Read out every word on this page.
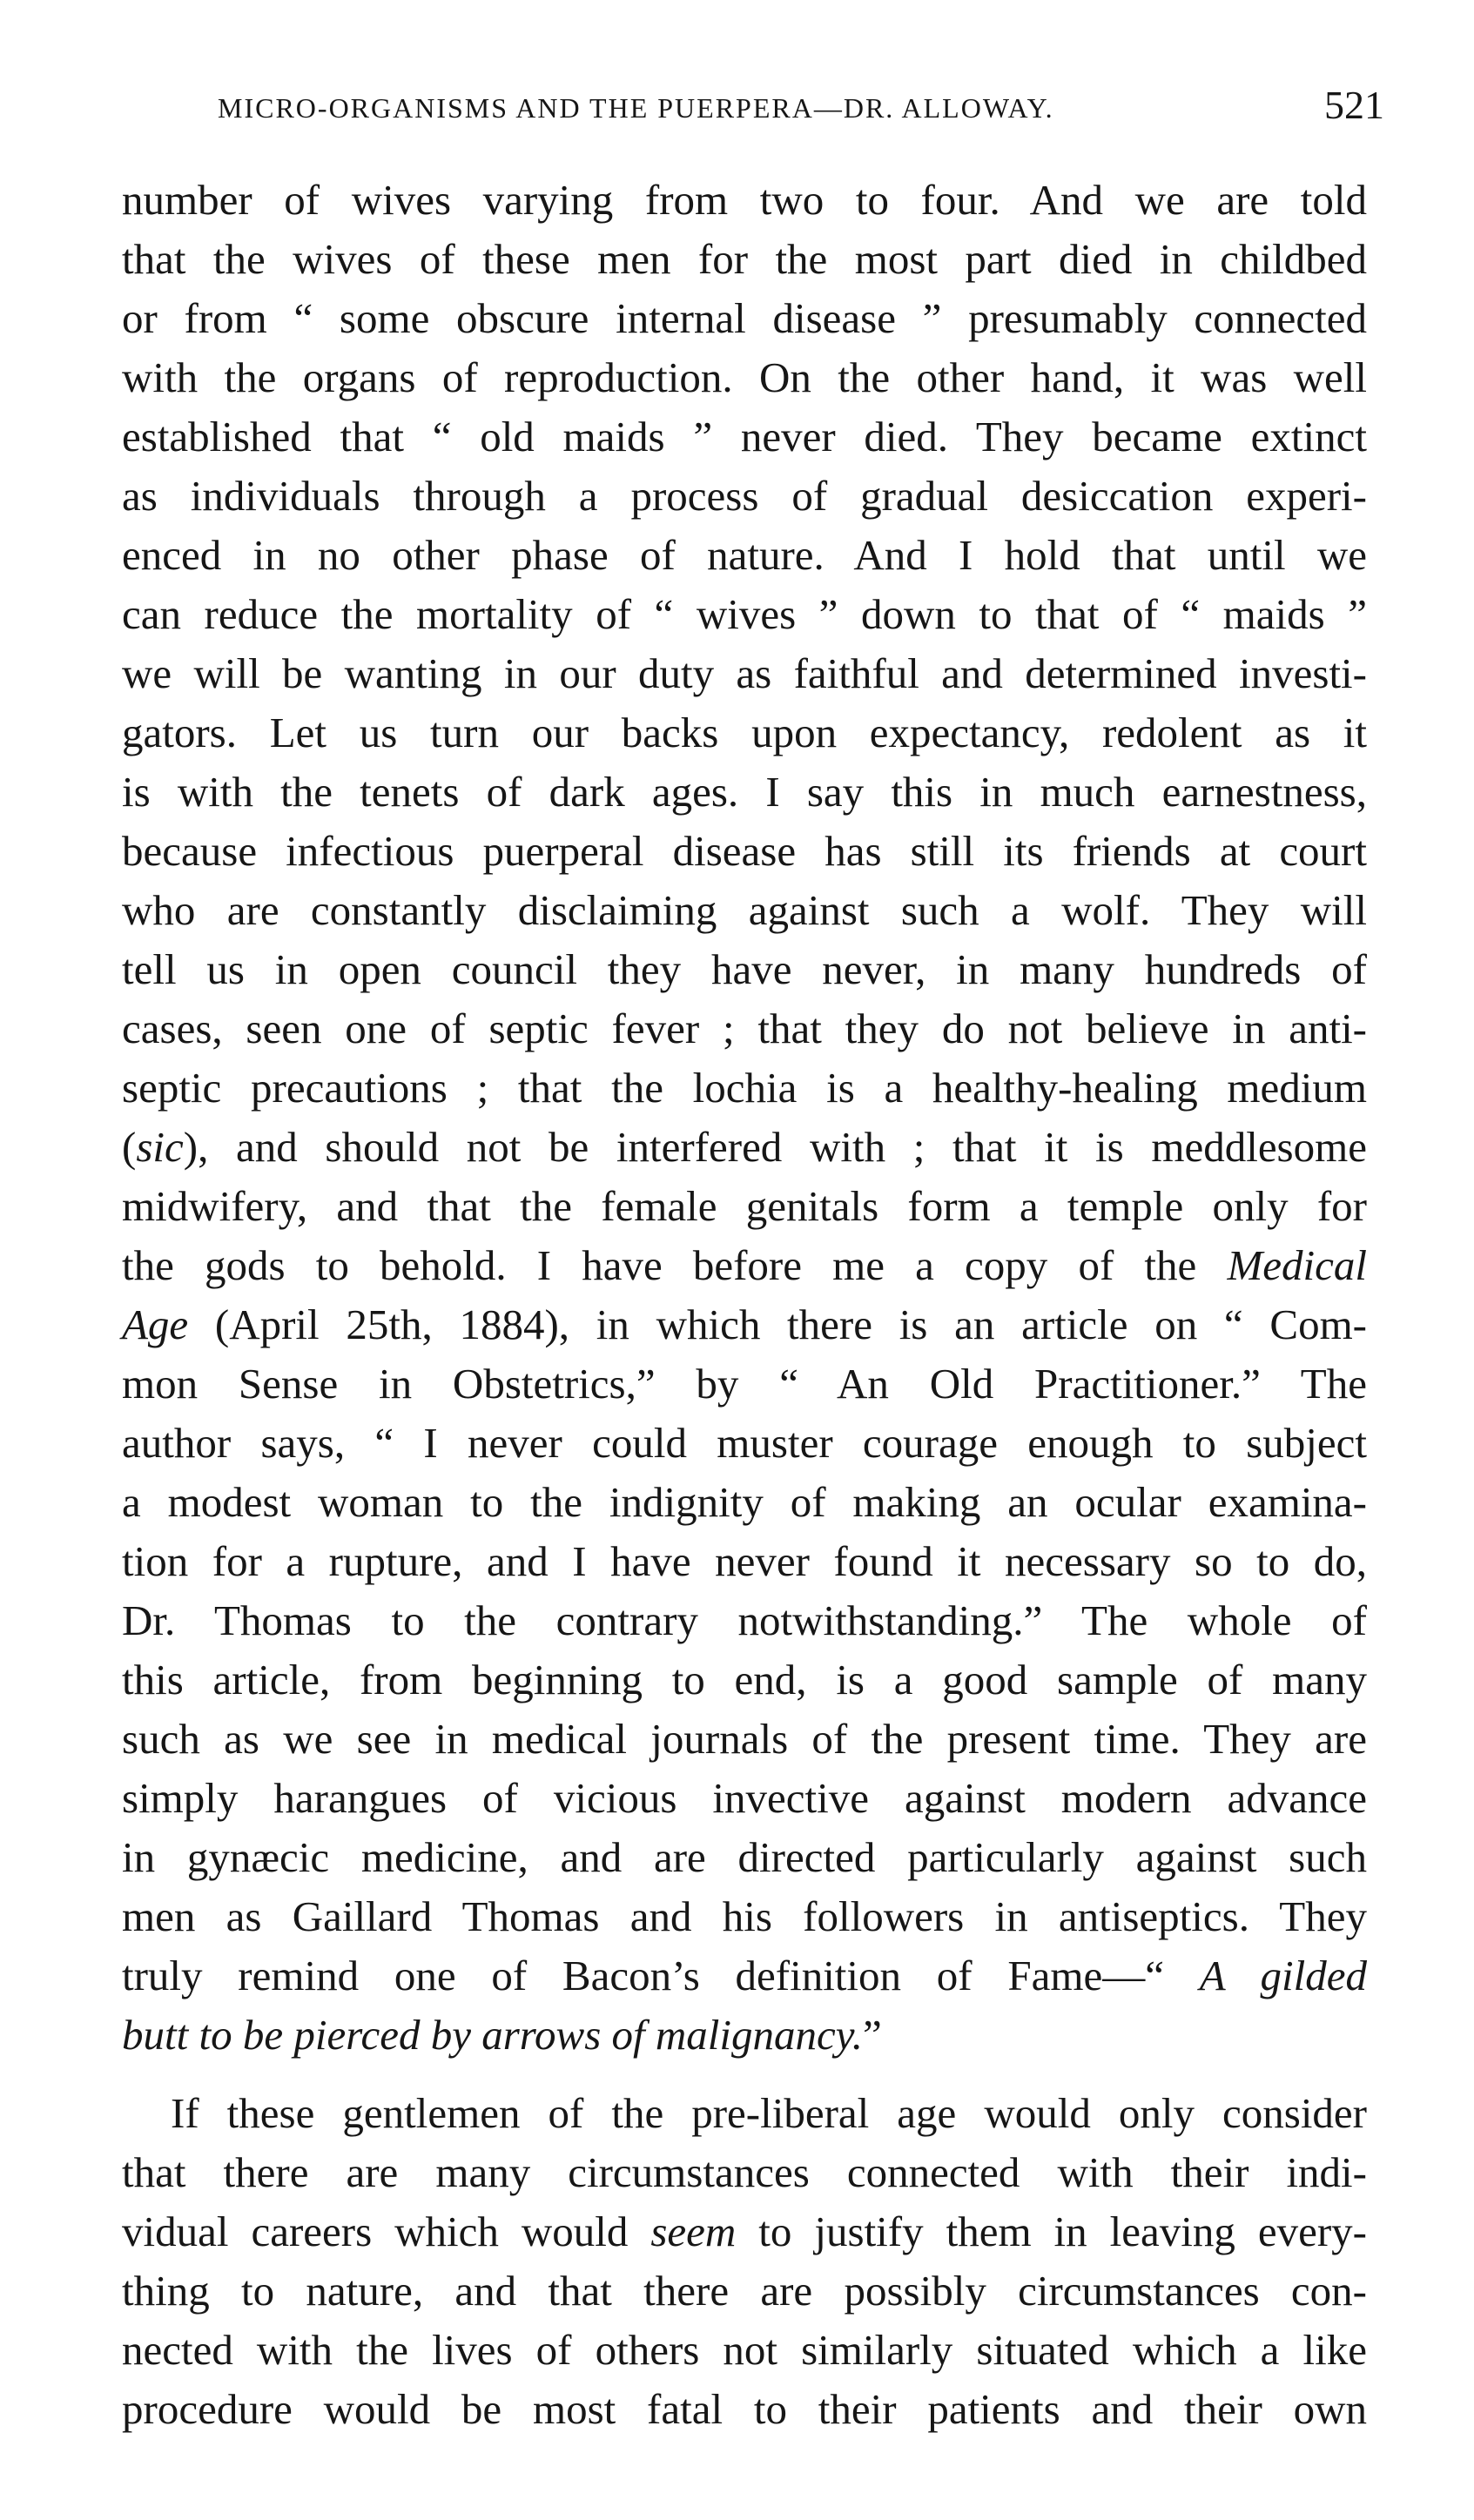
MICRO-ORGANISMS AND THE PUERPERA—DR. ALLOWAY.	521
number of wives varying from two to four. And we are told
that the wives of these men for the most part died in childbed
or from “ some obscure internal disease ” presumably connected
with the organs of reproduction. On the other hand, it was well
established that “ old maids ” never died. They became extinct
as individuals through a process of gradual desiccation experi-
enced in no other phase of nature. And I hold that until we
can reduce the mortality of “ wives ” down to that of “ maids ”
we will be wanting in our duty as faithful and determined investi-
gators. Let us turn our backs upon expectancy, redolent as it
is with the tenets of dark ages. I say this in much earnestness,
because infectious puerperal disease has still its friends at court
who are constantly disclaiming against such a wolf. They will
tell us in open council they have never, in many hundreds of
cases, seen one of septic fever ; that they do not believe in anti-
septic precautions ; that the lochia is a healthy-healing medium
(sic), and should not be interfered with ; that it is meddlesome
midwifery, and that the female genitals form a temple only for
the gods to behold. I have before me a copy of the Medical
Age (April 25th, 1884), in which there is an article on “ Com-
mon Sense in Obstetrics,” by “ An Old Practitioner.” The
author says, “ I never could muster courage enough to subject
a modest woman to the indignity of making an ocular examina-
tion for a rupture, and I have never found it necessary so to do,
Dr. Thomas to the contrary notwithstanding.” The whole of
this article, from beginning to end, is a good sample of many
such as we see in medical journals of the present time. They are
simply harangues of vicious invective against modern advance
in gynæcic medicine, and are directed particularly against such
men as Gaillard Thomas and his followers in antiseptics. They
truly remind one of Bacon’s definition of Fame—“ A gilded
butt to be pierced by arrows of malignancy.”
If these gentlemen of the pre-liberal age would only consider
that there are many circumstances connected with their indi-
vidual careers which would seem to justify them in leaving every-
thing to nature, and that there are possibly circumstances con-
nected with the lives of others not similarly situated which a like
procedure would be most fatal to their patients and their own
